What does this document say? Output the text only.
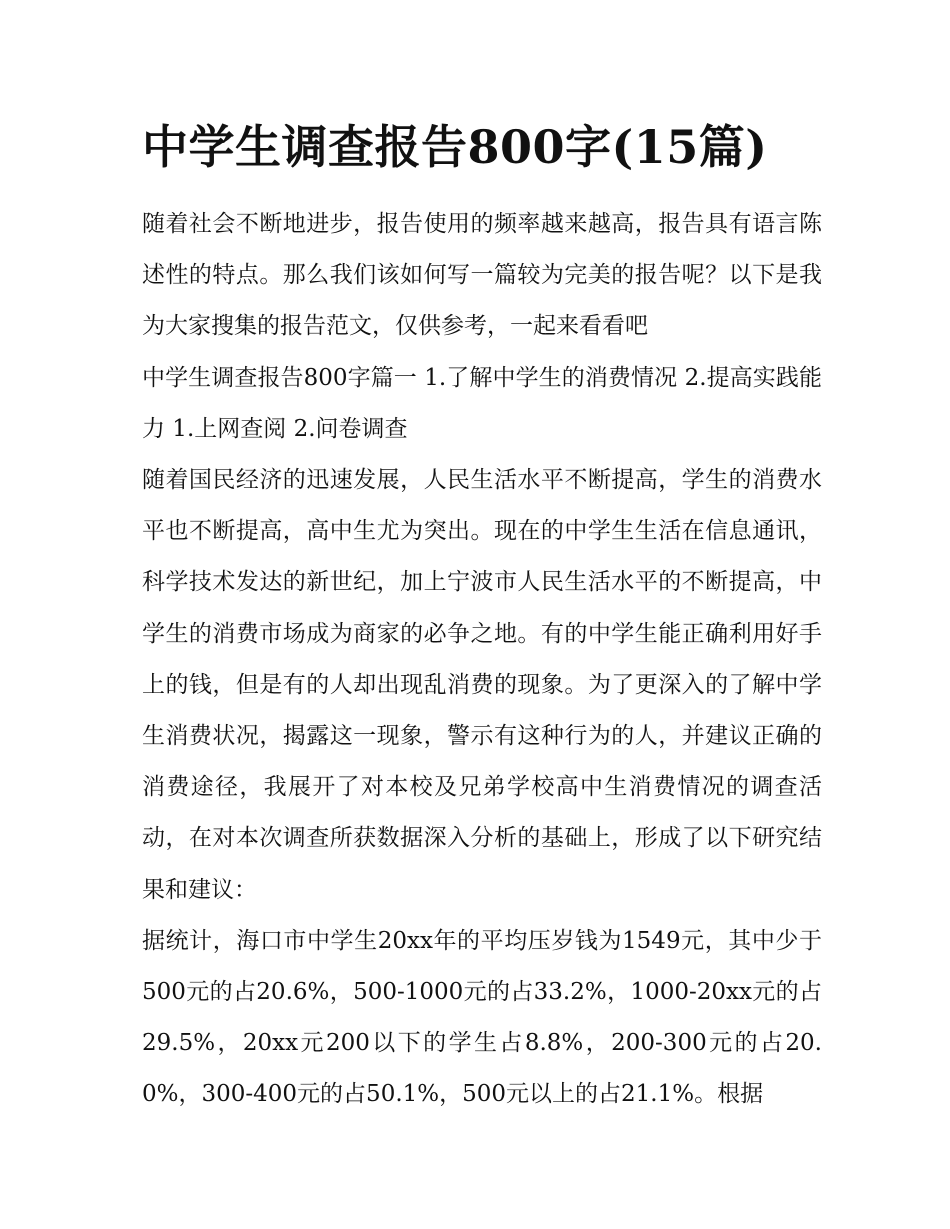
中学生调查报告800字(15篇)

随着社会不断地进步，报告使用的频率越来越高，报告具有语言陈述性的特点。那么我们该如何写一篇较为完美的报告呢？以下是我为大家搜集的报告范文，仅供参考，一起来看看吧

中学生调查报告800字篇一 1.了解中学生的消费情况 2.提高实践能力 1.上网查阅 2.问卷调查

随着国民经济的迅速发展，人民生活水平不断提高，学生的消费水平也不断提高，高中生尤为突出。现在的中学生生活在信息通讯，科学技术发达的新世纪，加上宁波市人民生活水平的不断提高，中学生的消费市场成为商家的必争之地。有的中学生能正确利用好手上的钱，但是有的人却出现乱消费的现象。为了更深入的了解中学生消费状况，揭露这一现象，警示有这种行为的人，并建议正确的消费途径，我展开了对本校及兄弟学校高中生消费情况的调查活动，在对本次调查所获数据深入分析的基础上，形成了以下研究结果和建议：

据统计，海口市中学生20xx年的平均压岁钱为1549元，其中少于500元的占20.6%，500-1000元的占33.2%，1000-20xx元的占29.5%，20xx元200以下的学生占8.8%，200-300元的占20.0%，300-400元的占50.1%，500元以上的占21.1%。根据
